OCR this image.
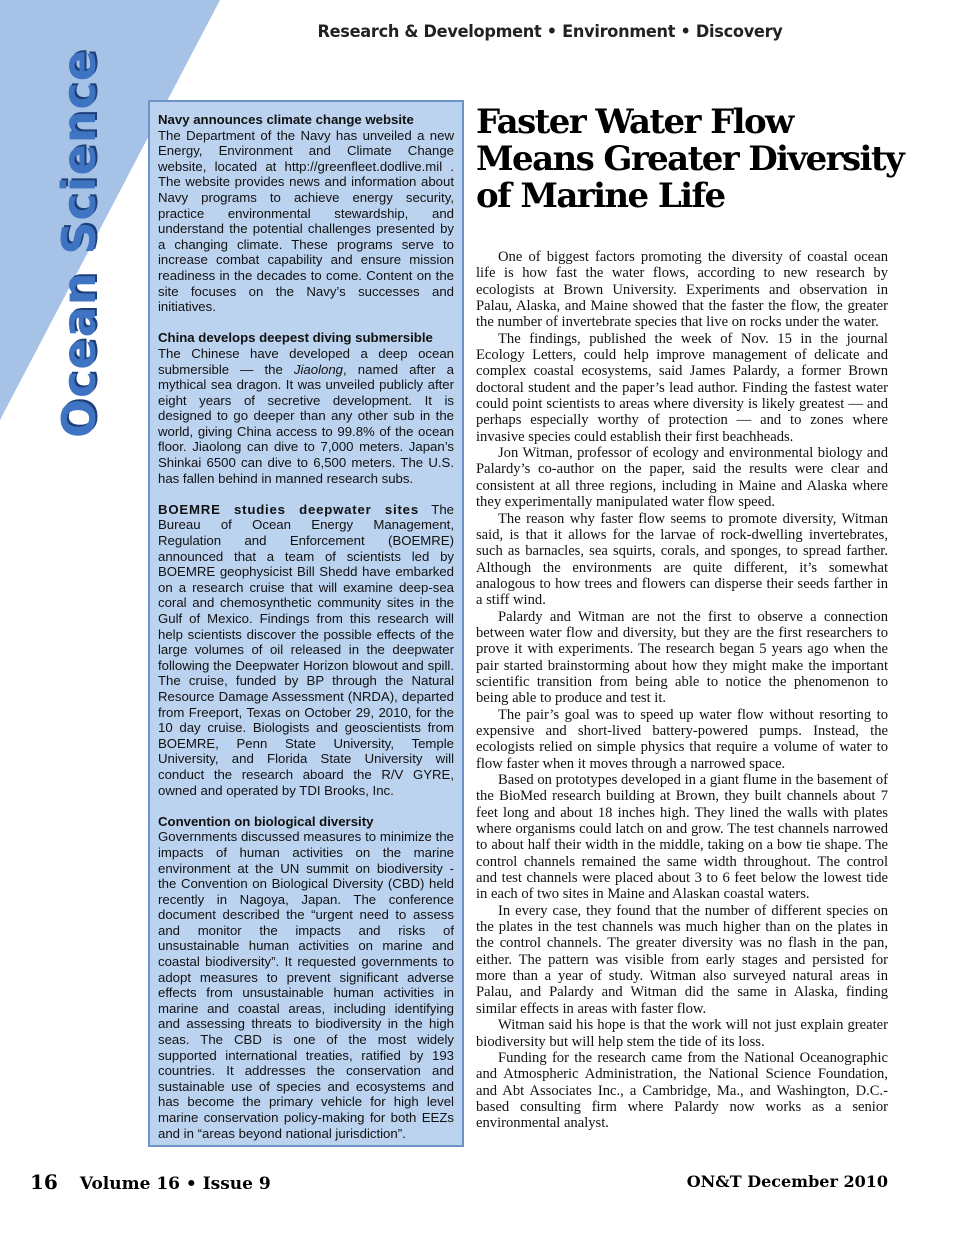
Ocean Science
Research & Development • Environment • Discovery
Navy announces climate change website
The Department of the Navy has unveiled a new Energy, Environment and Climate Change website, located at http://greenfleet.dodlive.mil . The website provides news and information about Navy programs to achieve energy security, practice environmental stewardship, and understand the potential challenges presented by a changing climate. These programs serve to increase combat capability and ensure mission readiness in the decades to come. Content on the site focuses on the Navy’s successes and initiatives.
China develops deepest diving submersible
The Chinese have developed a deep ocean submersible — the Jiaolong, named after a mythical sea dragon. It was unveiled publicly after eight years of secretive development. It is designed to go deeper than any other sub in the world, giving China access to 99.8% of the ocean floor. Jiaolong can dive to 7,000 meters. Japan’s Shinkai 6500 can dive to 6,500 meters. The U.S. has fallen behind in manned research subs.
BOEMRE studies deepwater sites The Bureau of Ocean Energy Management, Regulation and Enforcement (BOEMRE) announced that a team of scientists led by BOEMRE geophysicist Bill Shedd have embarked on a research cruise that will examine deep-sea coral and chemosynthetic community sites in the Gulf of Mexico. Findings from this research will help scientists discover the possible effects of the large volumes of oil released in the deepwater following the Deepwater Horizon blowout and spill. The cruise, funded by BP through the Natural Resource Damage Assessment (NRDA), departed from Freeport, Texas on October 29, 2010, for the 10 day cruise. Biologists and geoscientists from BOEMRE, Penn State University, Temple University, and Florida State University will conduct the research aboard the R/V GYRE, owned and operated by TDI Brooks, Inc.
Convention on biological diversity
Governments discussed measures to minimize the impacts of human activities on the marine environment at the UN summit on biodiversity - the Convention on Biological Diversity (CBD) held recently in Nagoya, Japan. The conference document described the “urgent need to assess and monitor the impacts and risks of unsustainable human activities on marine and coastal biodiversity”. It requested governments to adopt measures to prevent significant adverse effects from unsustainable human activities in marine and coastal areas, including identifying and assessing threats to biodiversity in the high seas. The CBD is one of the most widely supported international treaties, ratified by 193 countries. It addresses the conservation and sustainable use of species and ecosystems and has become the primary vehicle for high level marine conservation policy-making for both EEZs and in “areas beyond national jurisdiction”.
Faster Water Flow
Means Greater Diversity
of Marine Life

One of biggest factors promoting the diversity of coastal ocean life is how fast the water flows, according to new research by ecologists at Brown University. Experiments and observation in Palau, Alaska, and Maine showed that the faster the flow, the greater the number of invertebrate species that live on rocks under the water.

The findings, published the week of Nov. 15 in the journal Ecology Letters, could help improve management of delicate and complex coastal ecosystems, said James Palardy, a former Brown doctoral student and the paper’s lead author. Finding the fastest water could point scientists to areas where diversity is likely greatest — and perhaps especially worthy of protection — and to zones where invasive species could establish their first beachheads.

Jon Witman, professor of ecology and environmental biology and Palardy’s co-author on the paper, said the results were clear and consistent at all three regions, including in Maine and Alaska where they experimentally manipulated water flow speed.

The reason why faster flow seems to promote diversity, Witman said, is that it allows for the larvae of rock-dwelling invertebrates, such as barnacles, sea squirts, corals, and sponges, to spread farther. Although the environments are quite different, it’s somewhat analogous to how trees and flowers can disperse their seeds farther in a stiff wind.

Palardy and Witman are not the first to observe a connection between water flow and diversity, but they are the first researchers to prove it with experiments. The research began 5 years ago when the pair started brainstorming about how they might make the important scientific transition from being able to notice the phenomenon to being able to produce and test it.

The pair’s goal was to speed up water flow without resorting to expensive and short-lived battery-powered pumps. Instead, the ecologists relied on simple physics that require a volume of water to flow faster when it moves through a narrowed space.

Based on prototypes developed in a giant flume in the basement of the BioMed research building at Brown, they built channels about 7 feet long and about 18 inches high. They lined the walls with plates where organisms could latch on and grow. The test channels narrowed to about half their width in the middle, taking on a bow tie shape. The control channels remained the same width throughout. The control and test channels were placed about 3 to 6 feet below the lowest tide in each of two sites in Maine and Alaskan coastal waters.

In every case, they found that the number of different species on the plates in the test channels was much higher than on the plates in the control channels. The greater diversity was no flash in the pan, either. The pattern was visible from early stages and persisted for more than a year of study. Witman also surveyed natural areas in Palau, and Palardy and Witman did the same in Alaska, finding similar effects in areas with faster flow.

Witman said his hope is that the work will not just explain greater biodiversity but will help stem the tide of its loss.

Funding for the research came from the National Oceanographic and Atmospheric Administration, the National Science Foundation, and Abt Associates Inc., a Cambridge, Ma., and Washington, D.C.-based consulting firm where Palardy now works as a senior environmental analyst.

16 Volume 16 • Issue 9	ON&T December 2010
